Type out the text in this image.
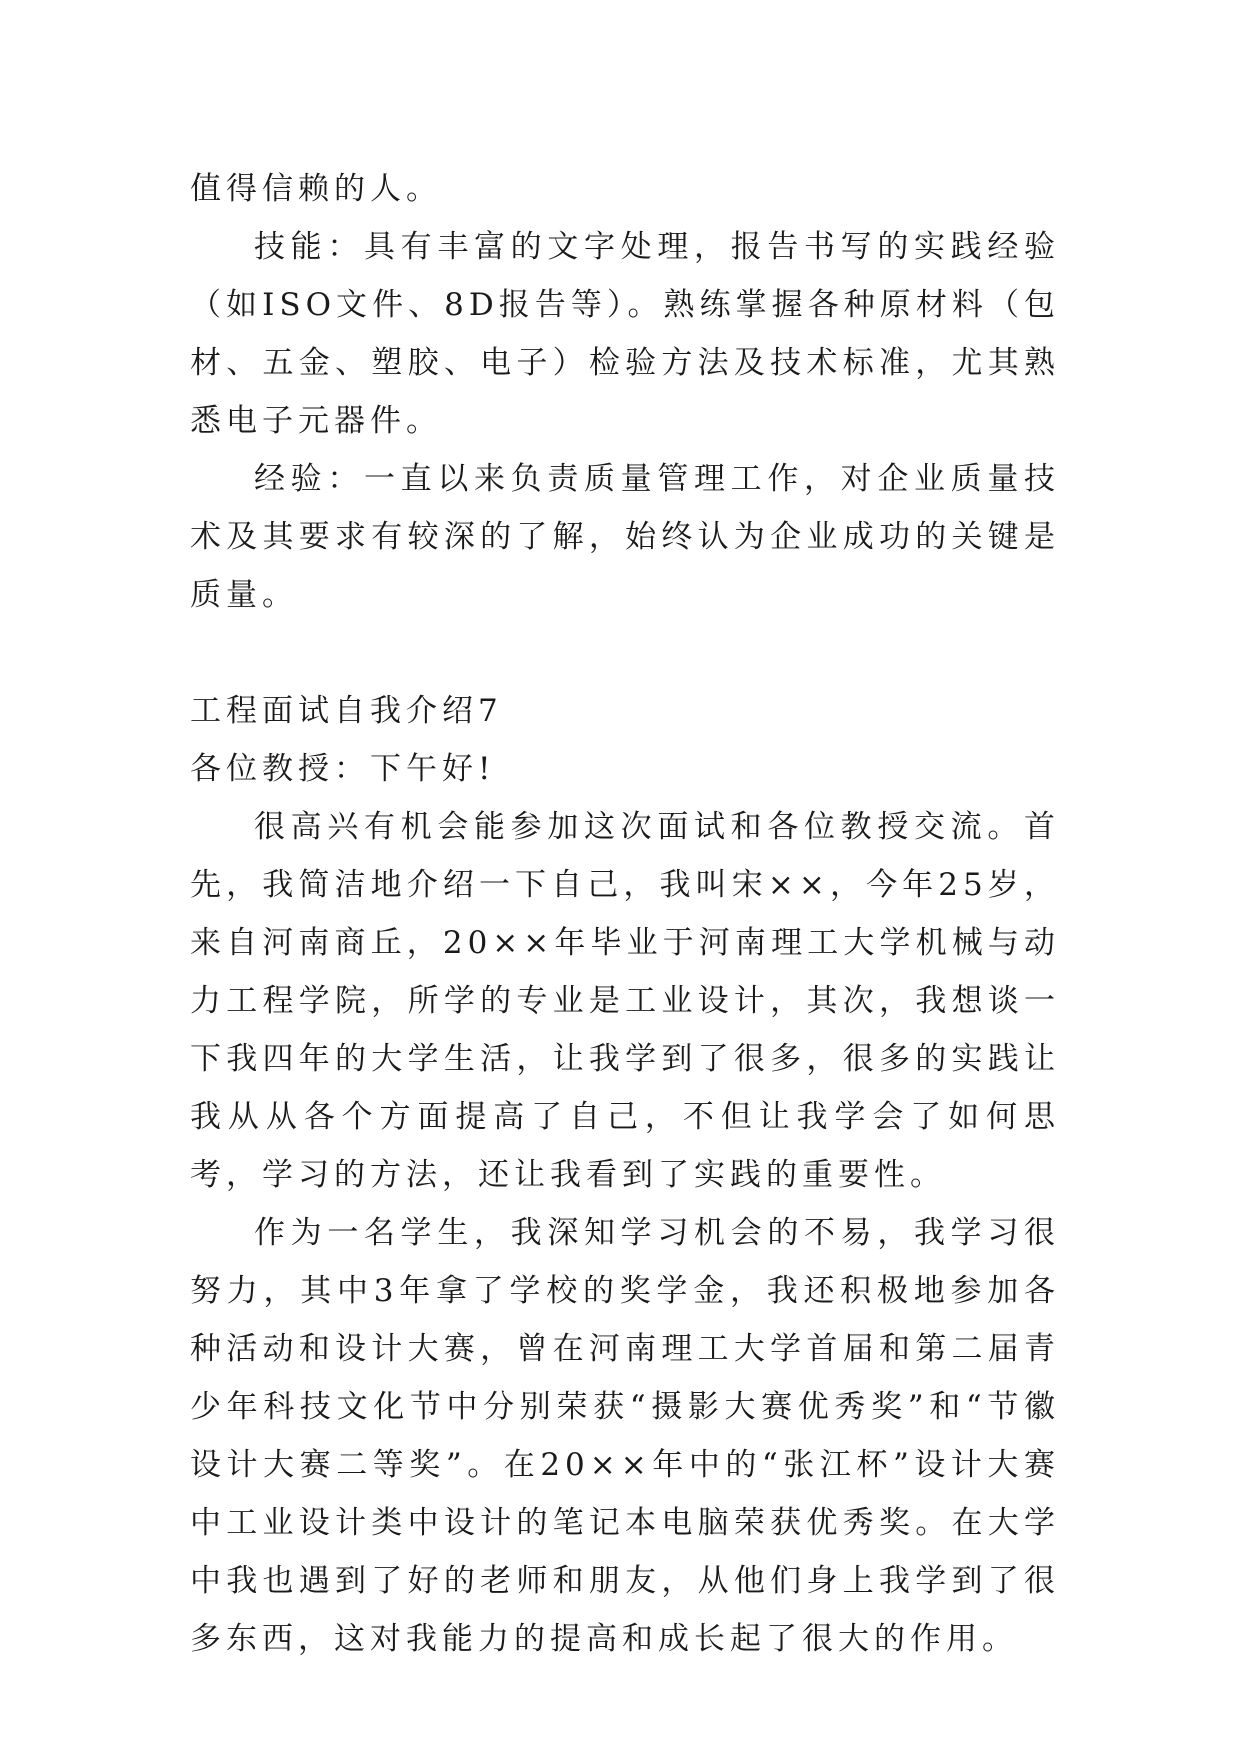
值得信赖的人。

技能：具有丰富的文字处理，报告书写的实践经验（如ISO文件、8D报告等）。熟练掌握各种原材料（包材、五金、塑胶、电子）检验方法及技术标准，尤其熟悉电子元器件。

经验：一直以来负责质量管理工作，对企业质量技术及其要求有较深的了解，始终认为企业成功的关键是质量。

工程面试自我介绍7

各位教授：下午好!

很高兴有机会能参加这次面试和各位教授交流。首先，我简洁地介绍一下自己，我叫宋××，今年25岁，来自河南商丘，20××年毕业于河南理工大学机械与动力工程学院，所学的专业是工业设计，其次，我想谈一下我四年的大学生活，让我学到了很多，很多的实践让我从从各个方面提高了自己，不但让我学会了如何思考，学习的方法，还让我看到了实践的重要性。

作为一名学生，我深知学习机会的不易，我学习很努力，其中3年拿了学校的奖学金，我还积极地参加各种活动和设计大赛，曾在河南理工大学首届和第二届青少年科技文化节中分别荣获“摄影大赛优秀奖”和“节徽设计大赛二等奖”。在20××年中的“张江杯”设计大赛中工业设计类中设计的笔记本电脑荣获优秀奖。在大学中我也遇到了好的老师和朋友，从他们身上我学到了很多东西，这对我能力的提高和成长起了很大的作用。
